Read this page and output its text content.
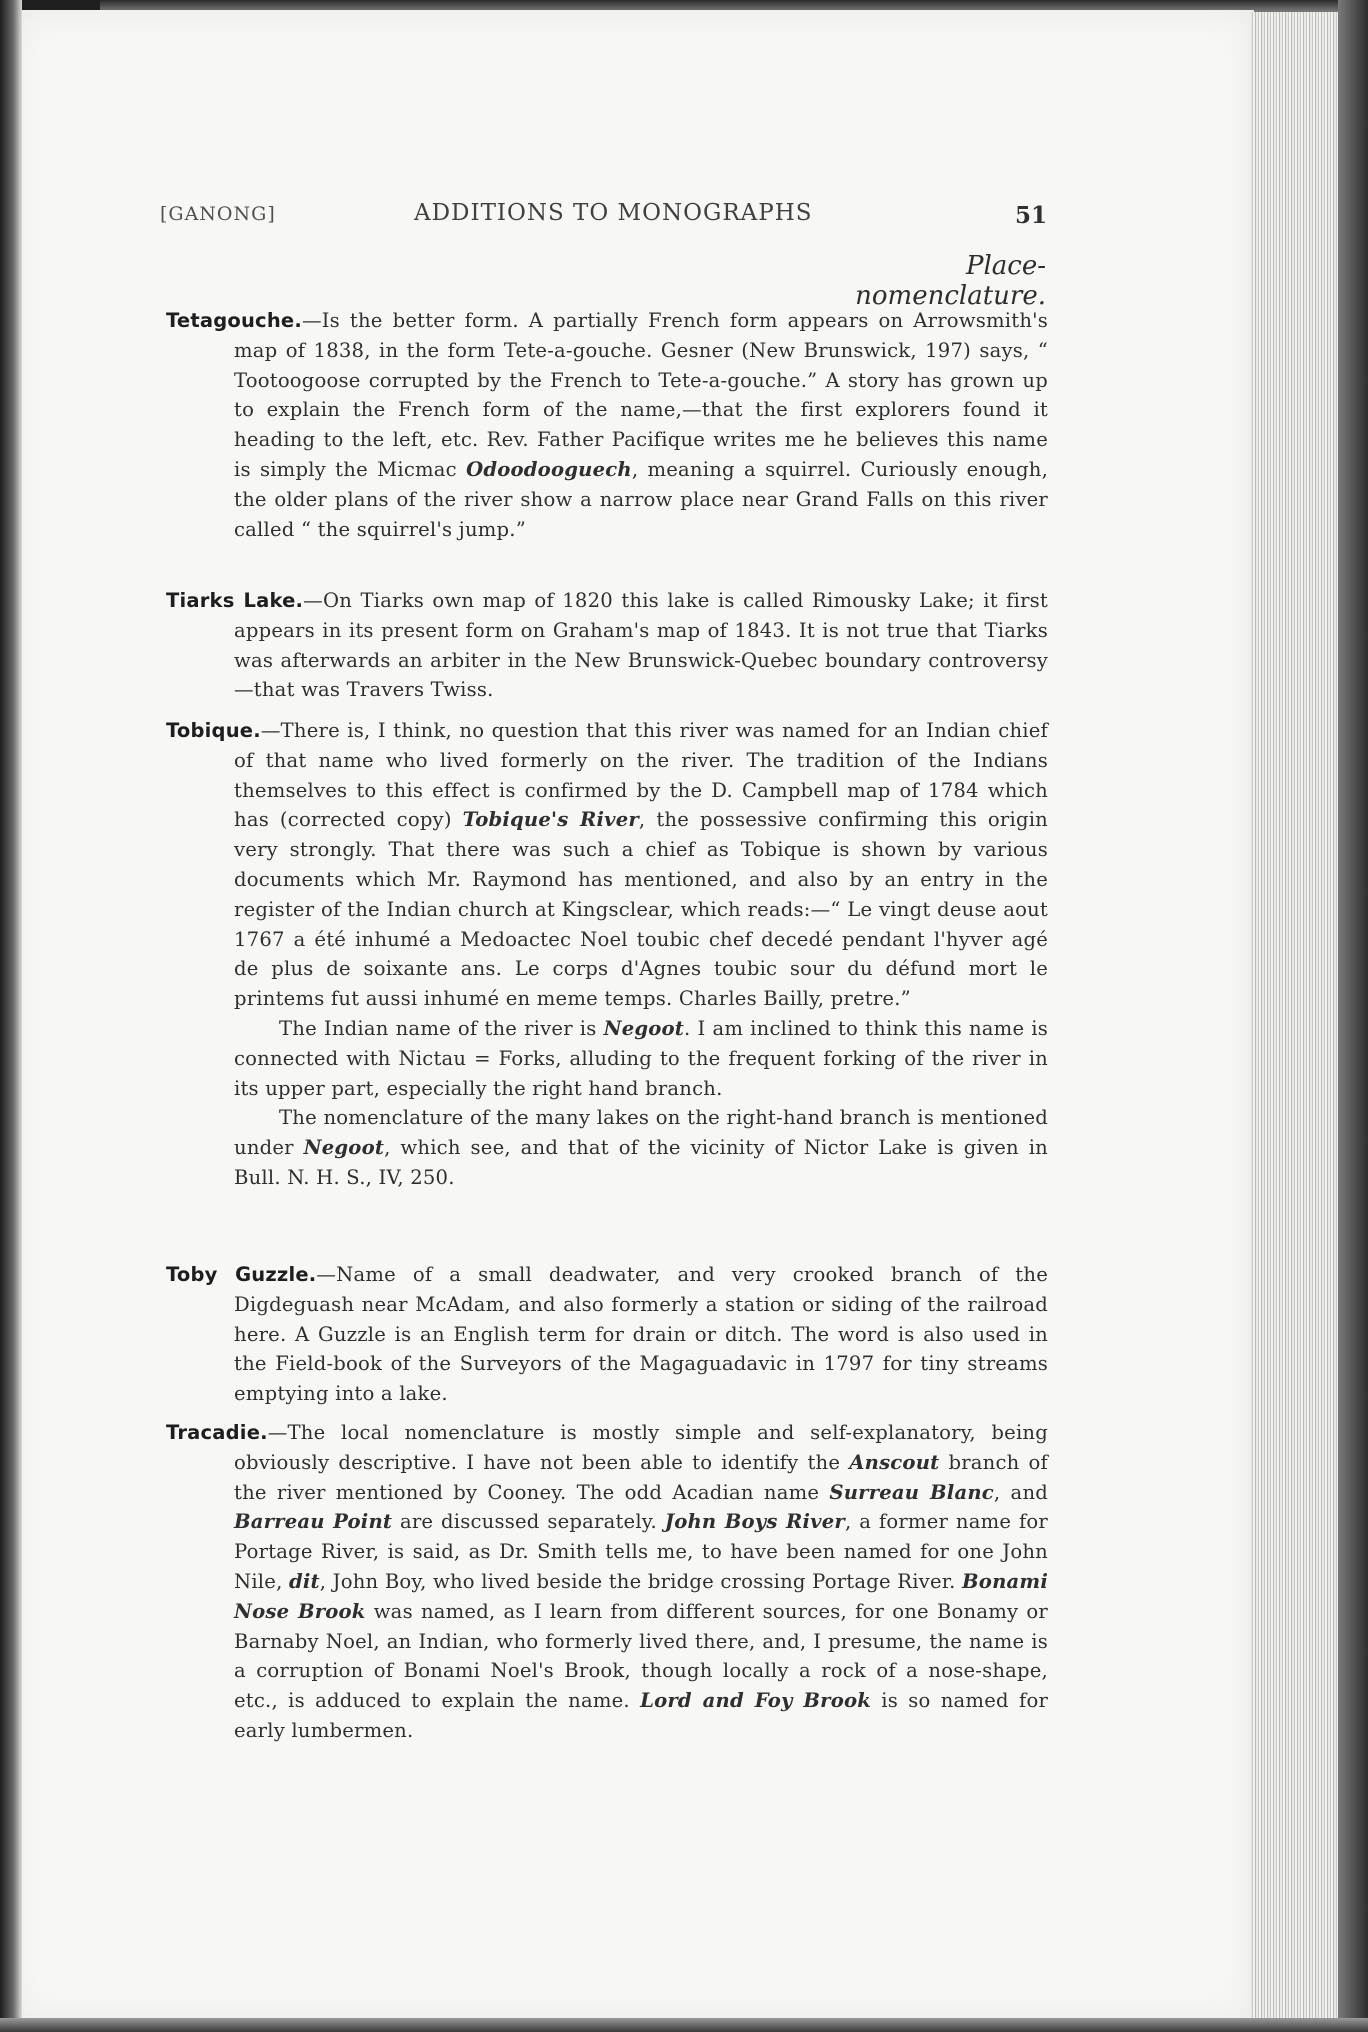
[GANONG]	ADDITIONS TO MONOGRAPHS	51
Place-nomenclature.

Tetagouche.—Is the better form. A partially French form appears on Arrowsmith's map of 1838, in the form Tete-a-gouche. Gesner (New Brunswick, 197) says, “ Tootoogoose corrupted by the French to Tete-a-gouche.” A story has grown up to explain the French form of the name,—that the first explorers found it heading to the left, etc. Rev. Father Pacifique writes me he believes this name is simply the Micmac Odoodooguech, meaning a squirrel. Curiously enough, the older plans of the river show a narrow place near Grand Falls on this river called “ the squirrel's jump.”

Tiarks Lake.—On Tiarks own map of 1820 this lake is called Rimousky Lake; it first appears in its present form on Graham's map of 1843. It is not true that Tiarks was afterwards an arbiter in the New Brunswick-Quebec boundary controversy—that was Travers Twiss.

Tobique.—There is, I think, no question that this river was named for an Indian chief of that name who lived formerly on the river. The tradition of the Indians themselves to this effect is confirmed by the D. Campbell map of 1784 which has (corrected copy) Tobique's River, the possessive confirming this origin very strongly. That there was such a chief as Tobique is shown by various documents which Mr. Raymond has mentioned, and also by an entry in the register of the Indian church at Kingsclear, which reads:—“ Le vingt deuse aout 1767 a été inhumé a Medoactec Noel toubic chef decedé pendant l'hyver agé de plus de soixante ans. Le corps d'Agnes toubic sour du défund mort le printems fut aussi inhumé en meme temps. Charles Bailly, pretre.”

The Indian name of the river is Negoot. I am inclined to think this name is connected with Nictau = Forks, alluding to the frequent forking of the river in its upper part, especially the right hand branch.

The nomenclature of the many lakes on the right-hand branch is mentioned under Negoot, which see, and that of the vicinity of Nictor Lake is given in Bull. N. H. S., IV, 250.

Toby Guzzle.—Name of a small deadwater, and very crooked branch of the Digdeguash near McAdam, and also formerly a station or siding of the railroad here. A Guzzle is an English term for drain or ditch. The word is also used in the Field-book of the Surveyors of the Magaguadavic in 1797 for tiny streams emptying into a lake.

Tracadie.—The local nomenclature is mostly simple and self-explanatory, being obviously descriptive. I have not been able to identify the Anscout branch of the river mentioned by Cooney. The odd Acadian name Surreau Blanc, and Barreau Point are discussed separately. John Boys River, a former name for Portage River, is said, as Dr. Smith tells me, to have been named for one John Nile, dit, John Boy, who lived beside the bridge crossing Portage River. Bonami Nose Brook was named, as I learn from different sources, for one Bonamy or Barnaby Noel, an Indian, who formerly lived there, and, I presume, the name is a corruption of Bonami Noel's Brook, though locally a rock of a nose-shape, etc., is adduced to explain the name. Lord and Foy Brook is so named for early lumbermen.
